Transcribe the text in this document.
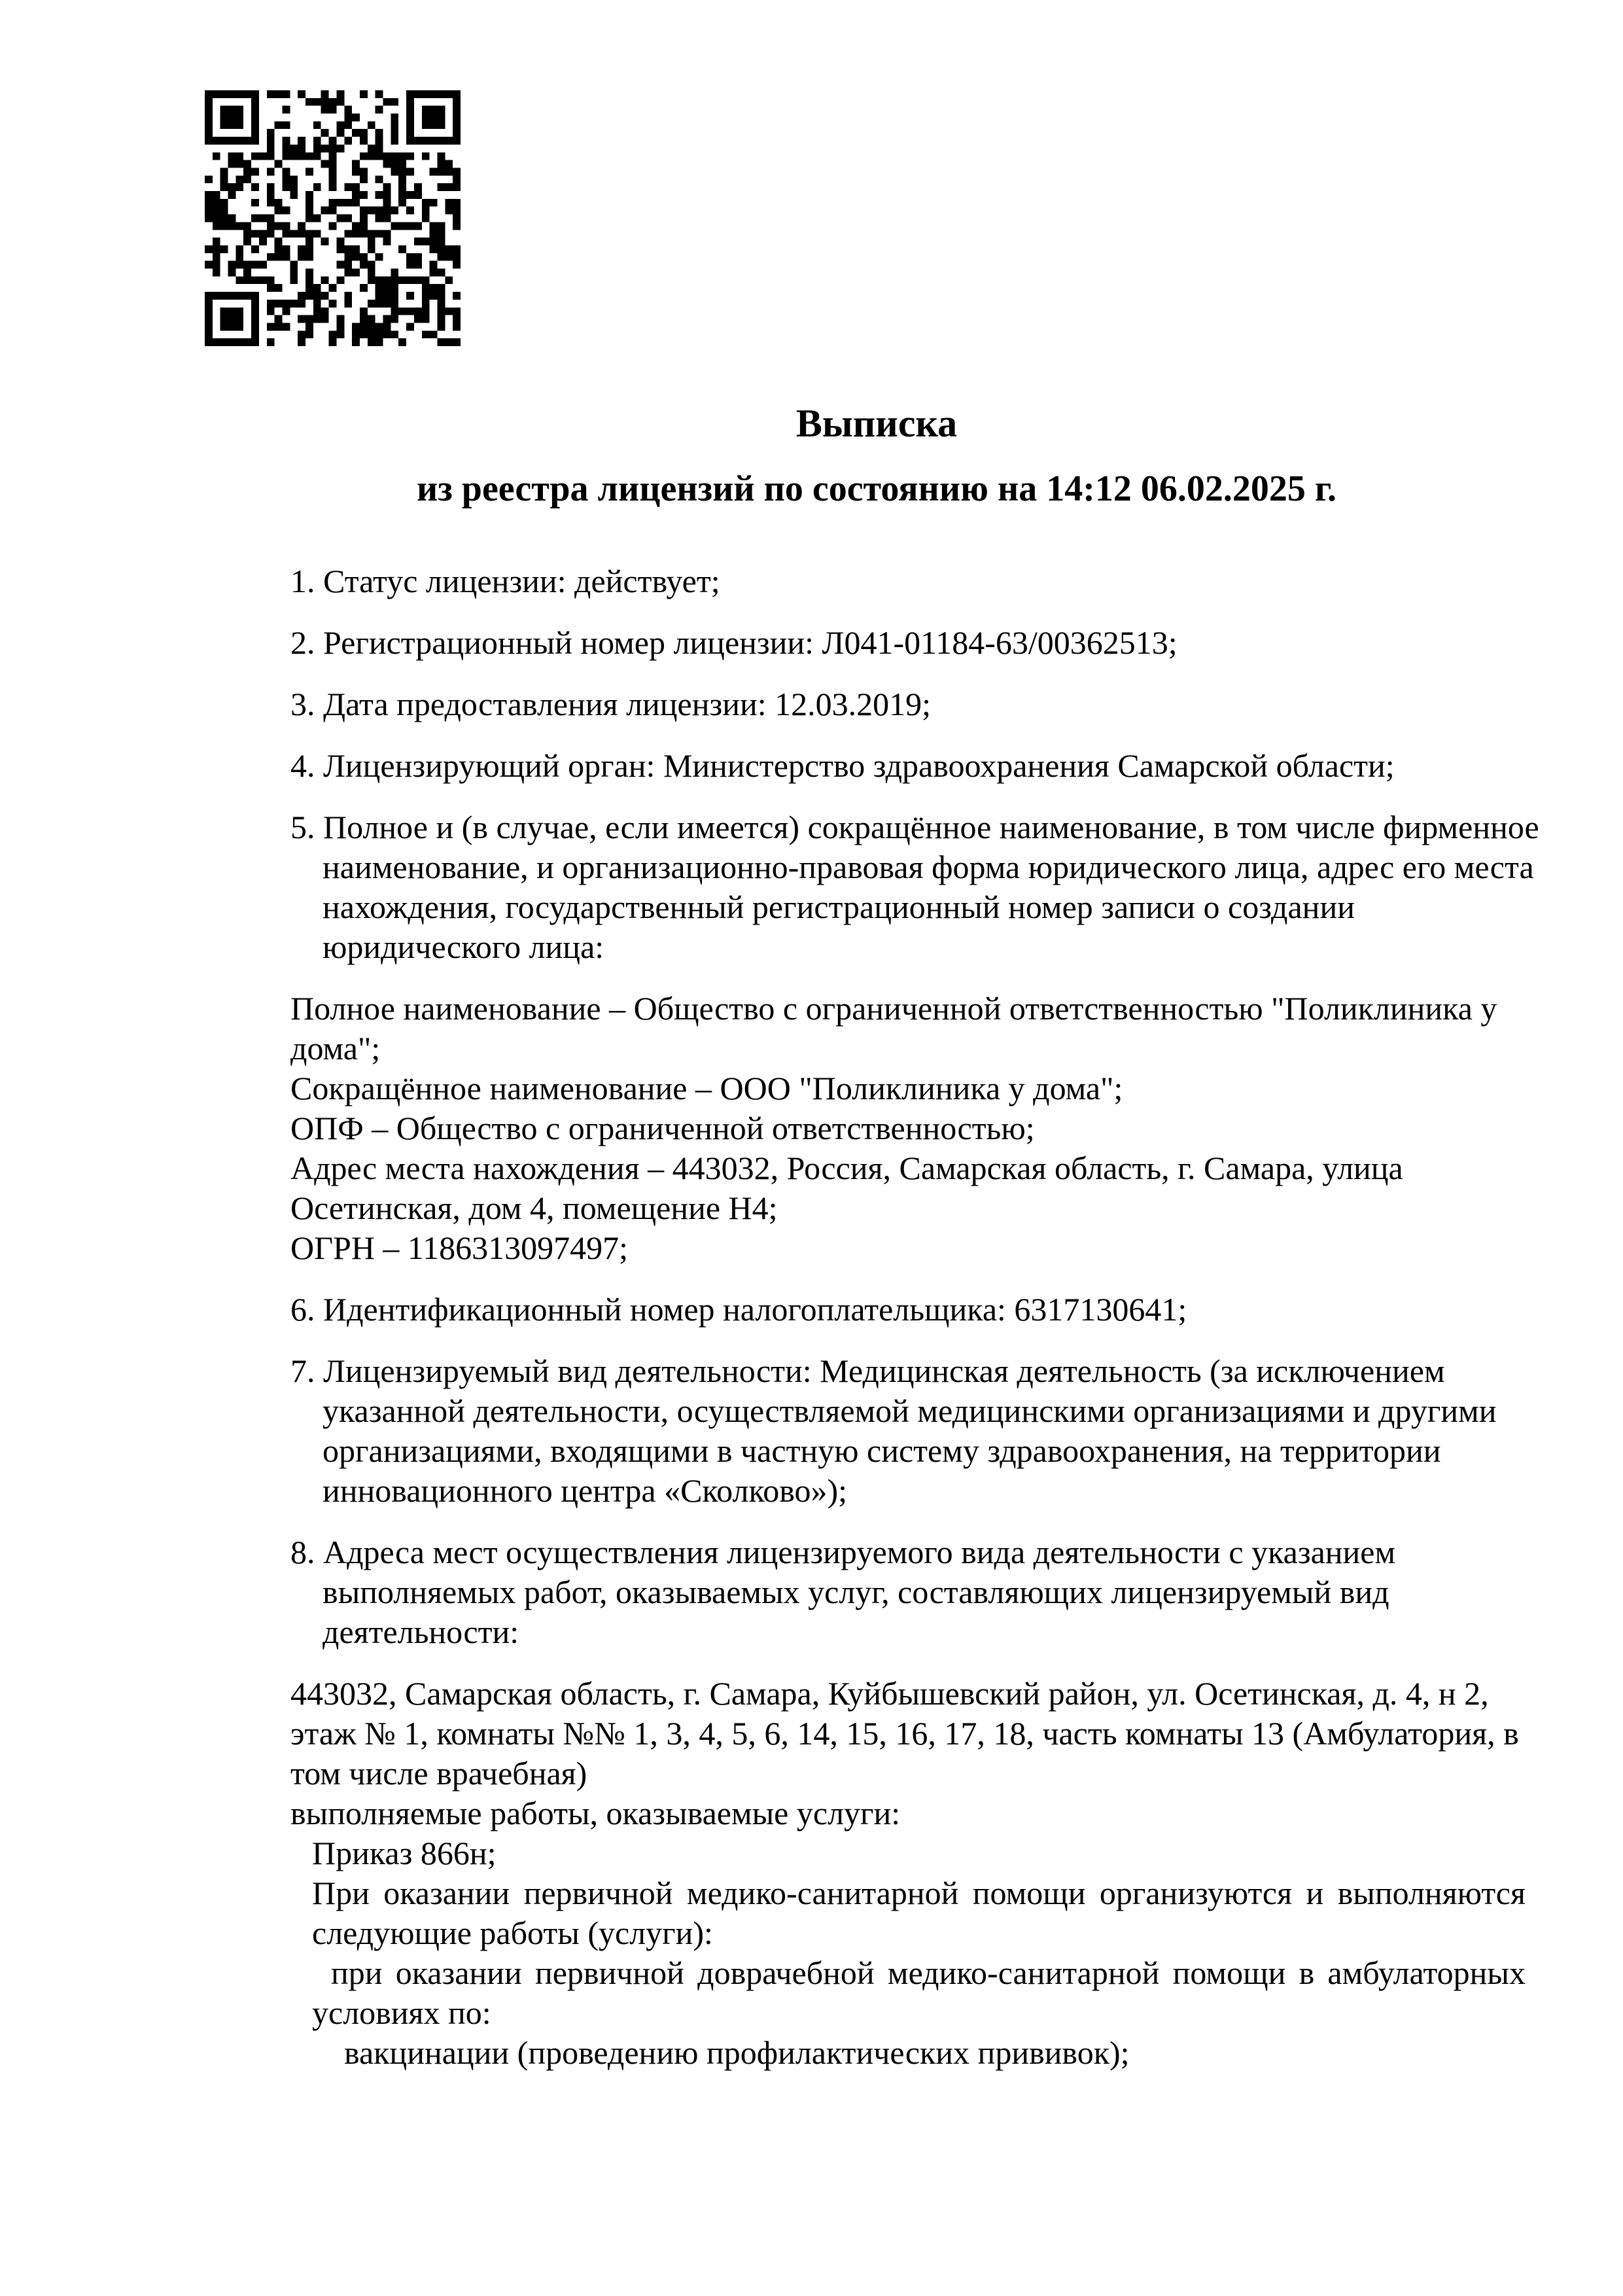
Выписка
из реестра лицензий по состоянию на 14:12 06.02.2025 г.
1. Статус лицензии: действует;
2. Регистрационный номер лицензии: Л041-01184-63/00362513;
3. Дата предоставления лицензии: 12.03.2019;
4. Лицензирующий орган: Министерство здравоохранения Самарской области;
5. Полное и (в случае, если имеется) сокращённое наименование, в том числе фирменное
наименование, и организационно-правовая форма юридического лица, адрес его места
нахождения, государственный регистрационный номер записи о создании
юридического лица:
Полное наименование – Общество с ограниченной ответственностью "Поликлиника у
дома";
Сокращённое наименование – ООО "Поликлиника у дома";
ОПФ – Общество с ограниченной ответственностью;
Адрес места нахождения – 443032, Россия, Самарская область, г. Самара, улица
Осетинская, дом 4, помещение Н4;
ОГРН – 1186313097497;
6. Идентификационный номер налогоплательщика: 6317130641;
7. Лицензируемый вид деятельности: Медицинская деятельность (за исключением
указанной деятельности, осуществляемой медицинскими организациями и другими
организациями, входящими в частную систему здравоохранения, на территории
инновационного центра «Сколково»);
8. Адреса мест осуществления лицензируемого вида деятельности с указанием
выполняемых работ, оказываемых услуг, составляющих лицензируемый вид
деятельности:
443032, Самарская область, г. Самара, Куйбышевский район, ул. Осетинская, д. 4, н 2,
этаж № 1, комнаты №№ 1, 3, 4, 5, 6, 14, 15, 16, 17, 18, часть комнаты 13 (Амбулатория, в
том числе врачебная)
выполняемые работы, оказываемые услуги:
Приказ 866н;
При оказании первичной медико-санитарной помощи организуются и выполняются
следующие работы (услуги):
при оказании первичной доврачебной медико-санитарной помощи в амбулаторных
условиях по:
вакцинации (проведению профилактических прививок);
